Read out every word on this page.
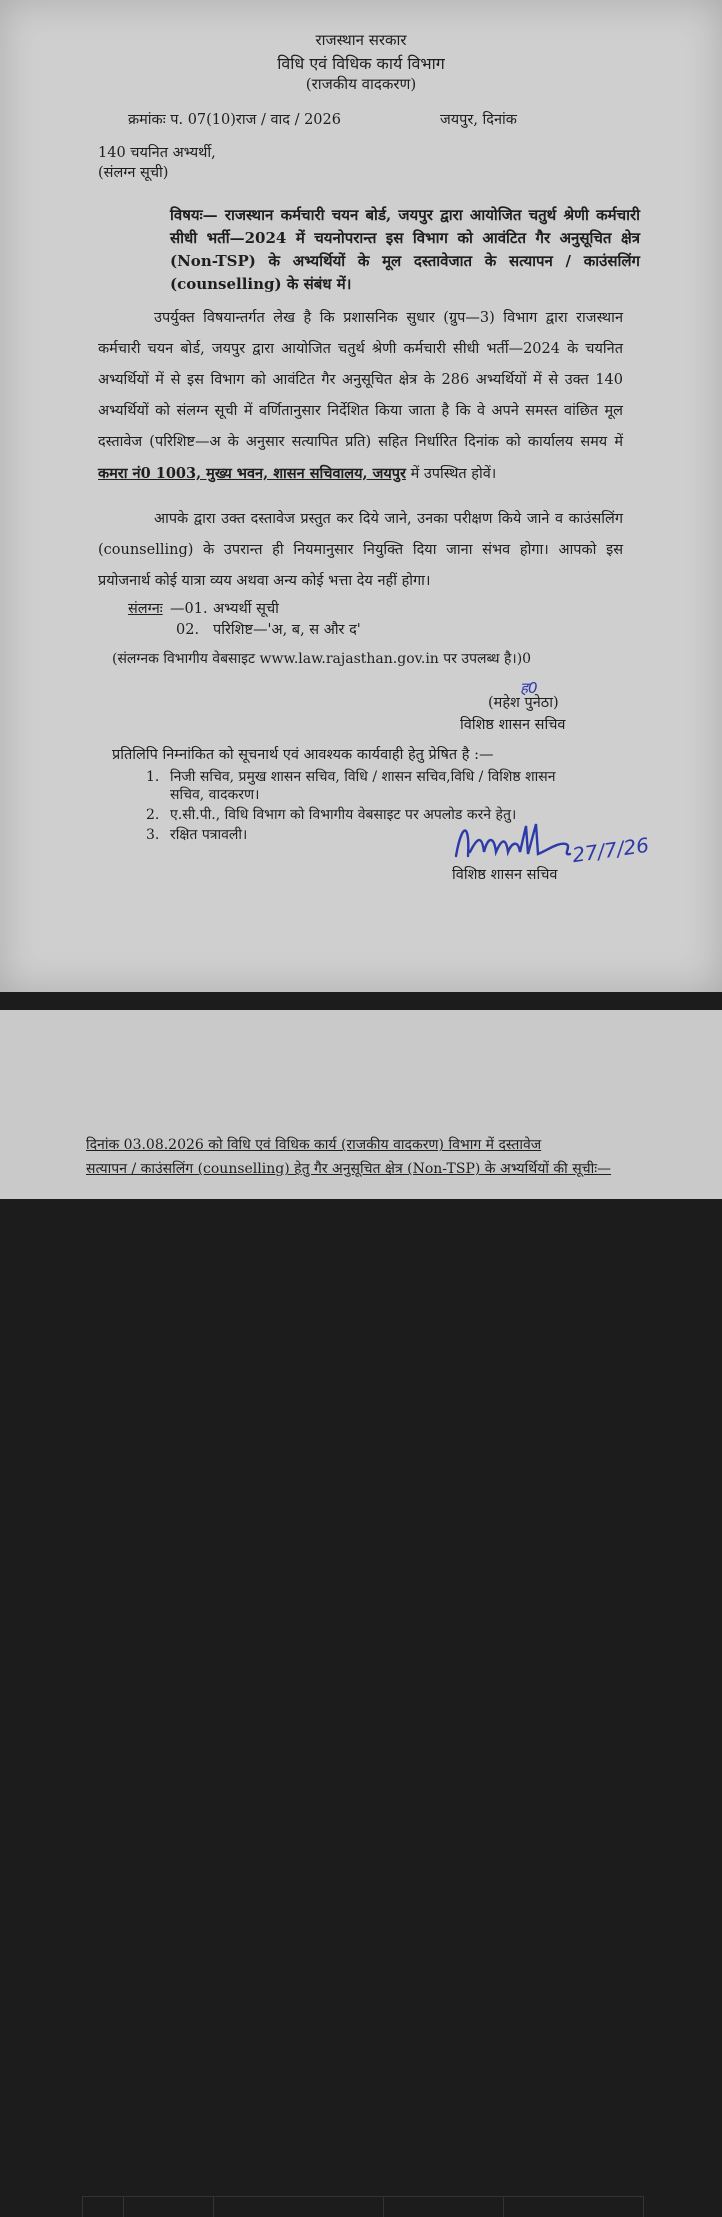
राजस्थान सरकार
विधि एवं विधिक कार्य विभाग
(राजकीय वादकरण)
क्रमांकः प. 07(10)राज / वाद / 2026	जयपुर, दिनांक
140 चयनित अभ्यर्थी,
(संलग्न सूची)
विषयः— राजस्थान कर्मचारी चयन बोर्ड, जयपुर द्वारा आयोजित चतुर्थ श्रेणी कर्मचारी सीधी भर्ती—2024 में चयनोपरान्त इस विभाग को आवंटित गैर अनुसूचित क्षेत्र (Non-TSP) के अभ्यर्थियों के मूल दस्तावेजात के सत्यापन / काउंसलिंग (counselling) के संबंध में।
उपर्युक्त विषयान्तर्गत लेख है कि प्रशासनिक सुधार (ग्रुप—3) विभाग द्वारा राजस्थान कर्मचारी चयन बोर्ड, जयपुर द्वारा आयोजित चतुर्थ श्रेणी कर्मचारी सीधी भर्ती—2024 के चयनित अभ्यर्थियों में से इस विभाग को आवंटित गैर अनुसूचित क्षेत्र के 286 अभ्यर्थियों में से उक्त 140 अभ्यर्थियों को संलग्न सूची में वर्णितानुसार निर्देशित किया जाता है कि वे अपने समस्त वांछित मूल दस्तावेज (परिशिष्ट—अ के अनुसार सत्यापित प्रति) सहित निर्धारित दिनांक को कार्यालय समय में कमरा नं0 1003, मुख्य भवन, शासन सचिवालय, जयपुर में उपस्थित होवें।
आपके द्वारा उक्त दस्तावेज प्रस्तुत कर दिये जाने, उनका परीक्षण किये जाने व काउंसलिंग (counselling) के उपरान्त ही नियमानुसार नियुक्ति दिया जाना संभव होगा। आपको इस प्रयोजनार्थ कोई यात्रा व्यय अथवा अन्य कोई भत्ता देय नहीं होगा।
संलग्नः —01. अभ्यर्थी सूची
02. परिशिष्ट—'अ, ब, स और द'
(संलग्नक विभागीय वेबसाइट www.law.rajasthan.gov.in पर उपलब्ध है।)0
ह0
(महेश पुनेठा)
विशिष्ठ शासन सचिव
प्रतिलिपि निम्नांकित को सूचनार्थ एवं आवश्यक कार्यवाही हेतु प्रेषित है :—
1. निजी सचिव, प्रमुख शासन सचिव, विधि / शासन सचिव,विधि / विशिष्ठ शासन
सचिव, वादकरण।
2. ए.सी.पी., विधि विभाग को विभागीय वेबसाइट पर अपलोड करने हेतु।
3. रक्षित पत्रावली।	27/7/26
विशिष्ठ शासन सचिव
दिनांक 03.08.2026 को विधि एवं विधिक कार्य (राजकीय वादकरण) विभाग में दस्तावेज
सत्यापन / काउंसलिंग (counselling) हेतु गैर अनुसूचित क्षेत्र (Non-TSP) के अभ्यर्थियों की सूचीः—
